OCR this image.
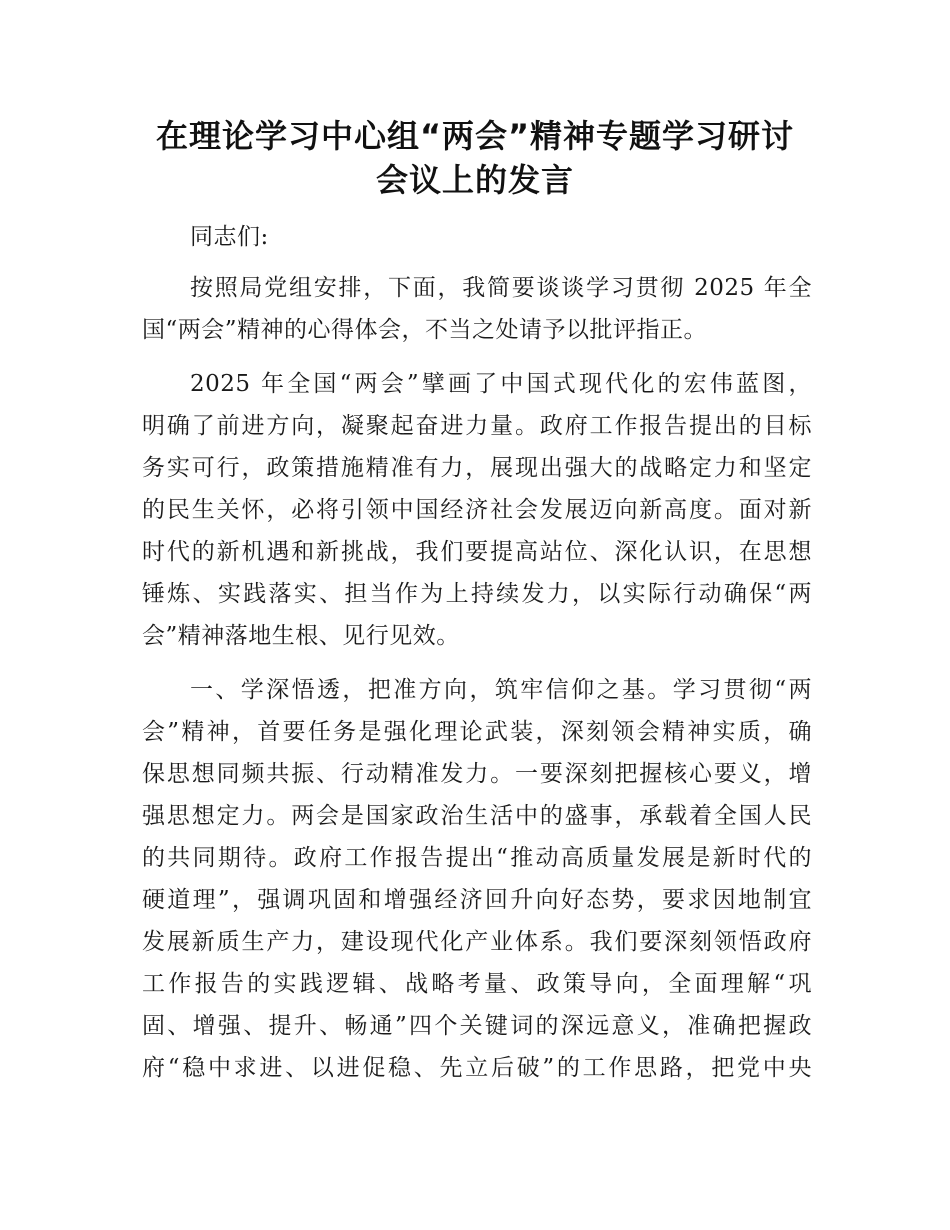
在理论学习中心组“两会”精神专题学习研讨
会议上的发言
同志们:
按照局党组安排，下面，我简要谈谈学习贯彻 2025 年全
国“两会”精神的心得体会，不当之处请予以批评指正。
2025 年全国“两会”擘画了中国式现代化的宏伟蓝图，
明确了前进方向，凝聚起奋进力量。政府工作报告提出的目标
务实可行，政策措施精准有力，展现出强大的战略定力和坚定
的民生关怀，必将引领中国经济社会发展迈向新高度。面对新
时代的新机遇和新挑战，我们要提高站位、深化认识，在思想
锤炼、实践落实、担当作为上持续发力，以实际行动确保“两
会”精神落地生根、见行见效。
一、学深悟透，把准方向，筑牢信仰之基。学习贯彻“两
会”精神，首要任务是强化理论武装，深刻领会精神实质，确
保思想同频共振、行动精准发力。一要深刻把握核心要义，增
强思想定力。两会是国家政治生活中的盛事，承载着全国人民
的共同期待。政府工作报告提出“推动高质量发展是新时代的
硬道理”，强调巩固和增强经济回升向好态势，要求因地制宜
发展新质生产力，建设现代化产业体系。我们要深刻领悟政府
工作报告的实践逻辑、战略考量、政策导向，全面理解“巩
固、增强、提升、畅通”四个关键词的深远意义，准确把握政
府“稳中求进、以进促稳、先立后破”的工作思路，把党中央
